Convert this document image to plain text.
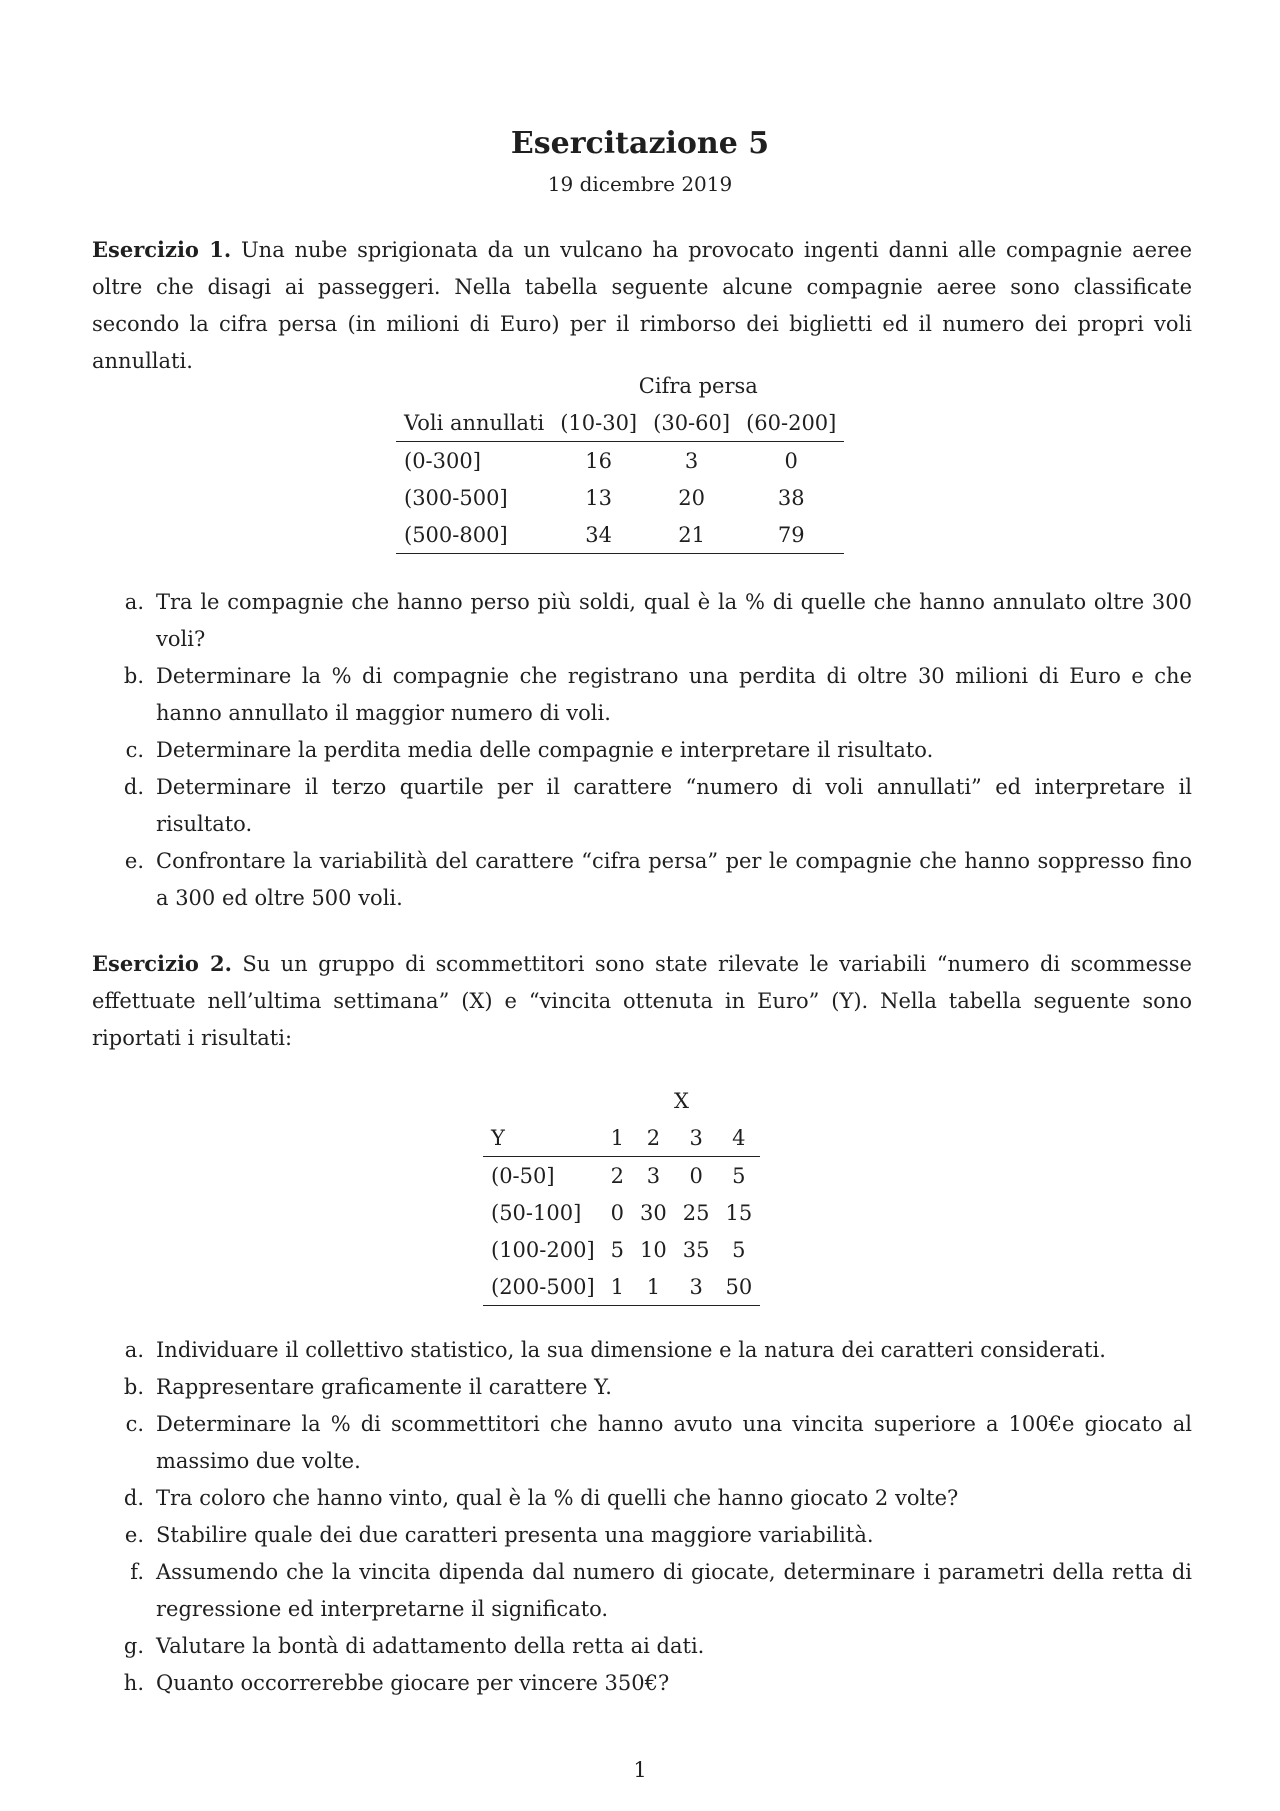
Esercitazione 5
19 dicembre 2019

Esercizio 1. Una nube sprigionata da un vulcano ha provocato ingenti danni alle compagnie aeree oltre che disagi ai passeggeri. Nella tabella seguente alcune compagnie aeree sono classificate secondo la cifra persa (in milioni di Euro) per il rimborso dei biglietti ed il numero dei propri voli annullati.

	Cifra persa		
Voli annullati	(10-30]	(30-60]	(60-200]
(0-300]	16	3	0
(300-500]	13	20	38
(500-800]	34	21	79
a. Tra le compagnie che hanno perso più soldi, qual è la % di quelle che hanno annulato oltre 300 voli?
b. Determinare la % di compagnie che registrano una perdita di oltre 30 milioni di Euro e che hanno annullato il maggior numero di voli.
c. Determinare la perdita media delle compagnie e interpretare il risultato.
d. Determinare il terzo quartile per il carattere “numero di voli annullati” ed interpretare il risultato.
e. Confrontare la variabilità del carattere “cifra persa” per le compagnie che hanno soppresso fino a 300 ed oltre 500 voli.

Esercizio 2. Su un gruppo di scommettitori sono state rilevate le variabili “numero di scommesse effettuate nell’ultima settimana” (X) e “vincita ottenuta in Euro” (Y). Nella tabella seguente sono riportati i risultati:

	X			
Y	1	2	3	4
(0-50]	2	3	0	5
(50-100]	0	30	25	15
(100-200]	5	10	35	5
(200-500]	1	1	3	50
a. Individuare il collettivo statistico, la sua dimensione e la natura dei caratteri considerati.
b. Rappresentare graficamente il carattere Y.
c. Determinare la % di scommettitori che hanno avuto una vincita superiore a 100€e giocato al massimo due volte.
d. Tra coloro che hanno vinto, qual è la % di quelli che hanno giocato 2 volte?
e. Stabilire quale dei due caratteri presenta una maggiore variabilità.
f. Assumendo che la vincita dipenda dal numero di giocate, determinare i parametri della retta di regressione ed interpretarne il significato.
g. Valutare la bontà di adattamento della retta ai dati.
h. Quanto occorrerebbe giocare per vincere 350€?
1
